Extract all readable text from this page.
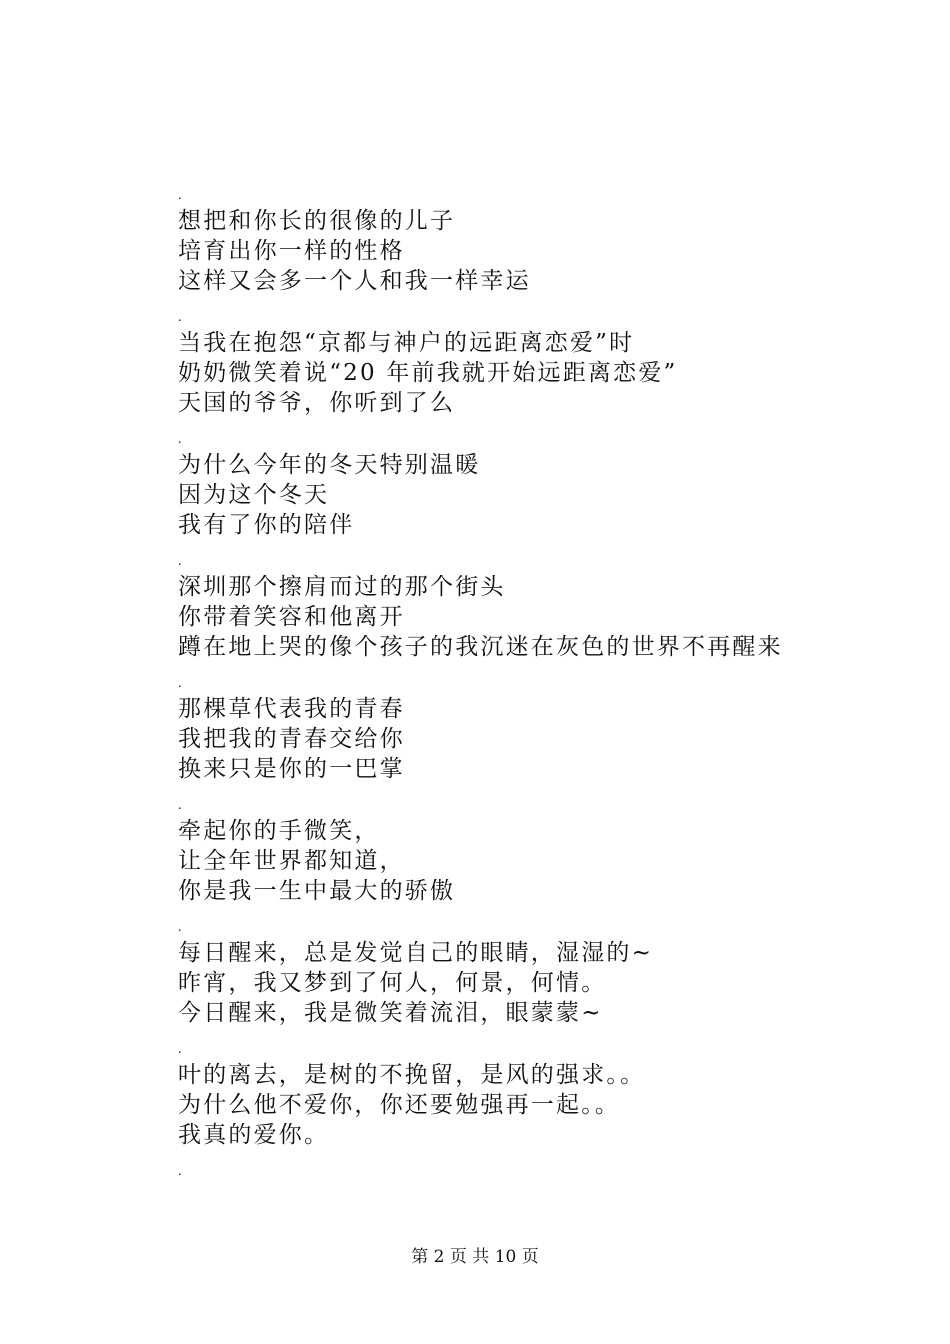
.
想把和你长的很像的儿子
培育出你一样的性格
这样又会多一个人和我一样幸运
.
当我在抱怨“京都与神户的远距离恋爱”时
奶奶微笑着说“20 年前我就开始远距离恋爱”
天国的爷爷，你听到了么
.
为什么今年的冬天特别温暖
因为这个冬天
我有了你的陪伴
.
深圳那个擦肩而过的那个街头
你带着笑容和他离开
蹲在地上哭的像个孩子的我沉迷在灰色的世界不再醒来
.
那棵草代表我的青春
我把我的青春交给你
换来只是你的一巴掌
.
牵起你的手微笑，
让全年世界都知道，
你是我一生中最大的骄傲
.
每日醒来，总是发觉自己的眼睛，湿湿的~
昨宵，我又梦到了何人，何景，何情。
今日醒来，我是微笑着流泪，眼蒙蒙~
.
叶的离去，是树的不挽留，是风的强求。。
为什么他不爱你，你还要勉强再一起。。
我真的爱你。
.
第 2 页 共 10 页
